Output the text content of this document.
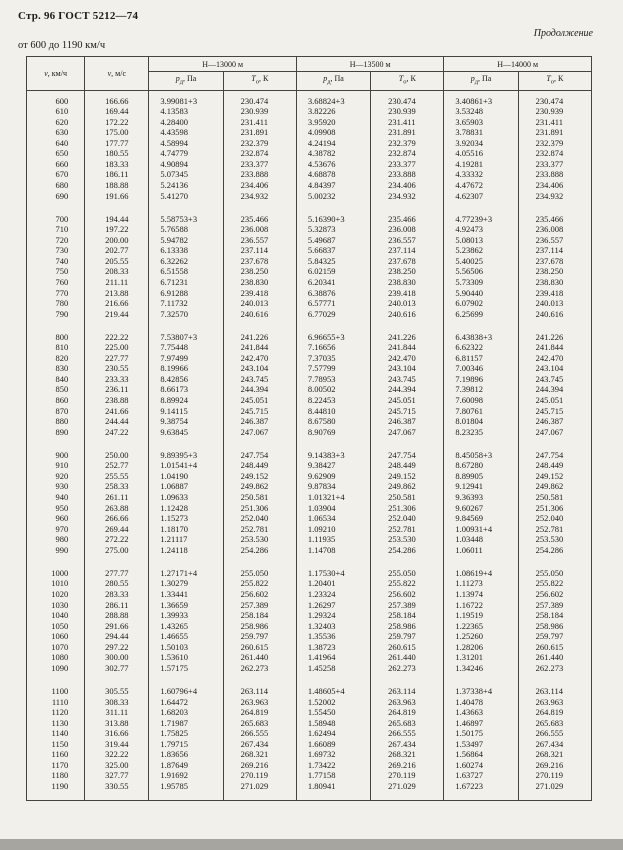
Стр. 96 ГОСТ 5212—74
Продолжение
от 600 до 1190 км/ч
v, км/ч	v, м/с	Н—13000 м		Н—13500 м		Н—14000 м	
		$p_д$, Па	$T_о$, К	$p_д$, Па	$T_о$, К	$p_д$, Па	$T_о$, К
600	166.66	3.99081+3	230.474	3.68824+3	230.474	3.40861+3	230.474
610	169.44	4.13583	230.939	3.82226	230.939	3.53248	230.939
620	172.22	4.28400	231.411	3.95920	231.411	3.65903	231.411
630	175.00	4.43598	231.891	4.09908	231.891	3.78831	231.891
640	177.77	4.58994	232.379	4.24194	232.379	3.92034	232.379
650	180.55	4.74779	232.874	4.38782	232.874	4.05516	232.874
660	183.33	4.90894	233.377	4.53676	233.377	4.19281	233.377
670	186.11	5.07345	233.888	4.68878	233.888	4.33332	233.888
680	188.88	5.24136	234.406	4.84397	234.406	4.47672	234.406
690	191.66	5.41270	234.932	5.00232	234.932	4.62307	234.932
700	194.44	5.58753+3	235.466	5.16390+3	235.466	4.77239+3	235.466
710	197.22	5.76588	236.008	5.32873	236.008	4.92473	236.008
720	200.00	5.94782	236.557	5.49687	236.557	5.08013	236.557
730	202.77	6.13338	237.114	5.66837	237.114	5.23862	237.114
740	205.55	6.32262	237.678	5.84325	237.678	5.40025	237.678
750	208.33	6.51558	238.250	6.02159	238.250	5.56506	238.250
760	211.11	6.71231	238.830	6.20341	238.830	5.73309	238.830
770	213.88	6.91288	239.418	6.38876	239.418	5.90440	239.418
780	216.66	7.11732	240.013	6.57771	240.013	6.07902	240.013
790	219.44	7.32570	240.616	6.77029	240.616	6.25699	240.616
800	222.22	7.53807+3	241.226	6.96655+3	241.226	6.43838+3	241.226
810	225.00	7.75448	241.844	7.16656	241.844	6.62322	241.844
820	227.77	7.97499	242.470	7.37035	242.470	6.81157	242.470
830	230.55	8.19966	243.104	7.57799	243.104	7.00346	243.104
840	233.33	8.42856	243.745	7.78953	243.745	7.19896	243.745
850	236.11	8.66173	244.394	8.00502	244.394	7.39812	244.394
860	238.88	8.89924	245.051	8.22453	245.051	7.60098	245.051
870	241.66	9.14115	245.715	8.44810	245.715	7.80761	245.715
880	244.44	9.38754	246.387	8.67580	246.387	8.01804	246.387
890	247.22	9.63845	247.067	8.90769	247.067	8.23235	247.067
900	250.00	9.89395+3	247.754	9.14383+3	247.754	8.45058+3	247.754
910	252.77	1.01541+4	248.449	9.38427	248.449	8.67280	248.449
920	255.55	1.04190	249.152	9.62909	249.152	8.89905	249.152
930	258.33	1.06887	249.862	9.87834	249.862	9.12941	249.862
940	261.11	1.09633	250.581	1.01321+4	250.581	9.36393	250.581
950	263.88	1.12428	251.306	1.03904	251.306	9.60267	251.306
960	266.66	1.15273	252.040	1.06534	252.040	9.84569	252.040
970	269.44	1.18170	252.781	1.09210	252.781	1.00931+4	252.781
980	272.22	1.21117	253.530	1.11935	253.530	1.03448	253.530
990	275.00	1.24118	254.286	1.14708	254.286	1.06011	254.286
1000	277.77	1.27171+4	255.050	1.17530+4	255.050	1.08619+4	255.050
1010	280.55	1.30279	255.822	1.20401	255.822	1.11273	255.822
1020	283.33	1.33441	256.602	1.23324	256.602	1.13974	256.602
1030	286.11	1.36659	257.389	1.26297	257.389	1.16722	257.389
1040	288.88	1.39933	258.184	1.29324	258.184	1.19519	258.184
1050	291.66	1.43265	258.986	1.32403	258.986	1.22365	258.986
1060	294.44	1.46655	259.797	1.35536	259.797	1.25260	259.797
1070	297.22	1.50103	260.615	1.38723	260.615	1.28206	260.615
1080	300.00	1.53610	261.440	1.41964	261.440	1.31201	261.440
1090	302.77	1.57175	262.273	1.45258	262.273	1.34246	262.273
1100	305.55	1.60796+4	263.114	1.48605+4	263.114	1.37338+4	263.114
1110	308.33	1.64472	263.963	1.52002	263.963	1.40478	263.963
1120	311.11	1.68203	264.819	1.55450	264.819	1.43663	264.819
1130	313.88	1.71987	265.683	1.58948	265.683	1.46897	265.683
1140	316.66	1.75825	266.555	1.62494	266.555	1.50175	266.555
1150	319.44	1.79715	267.434	1.66089	267.434	1.53497	267.434
1160	322.22	1.83656	268.321	1.69732	268.321	1.56864	268.321
1170	325.00	1.87649	269.216	1.73422	269.216	1.60274	269.216
1180	327.77	1.91692	270.119	1.77158	270.119	1.63727	270.119
1190	330.55	1.95785	271.029	1.80941	271.029	1.67223	271.029
